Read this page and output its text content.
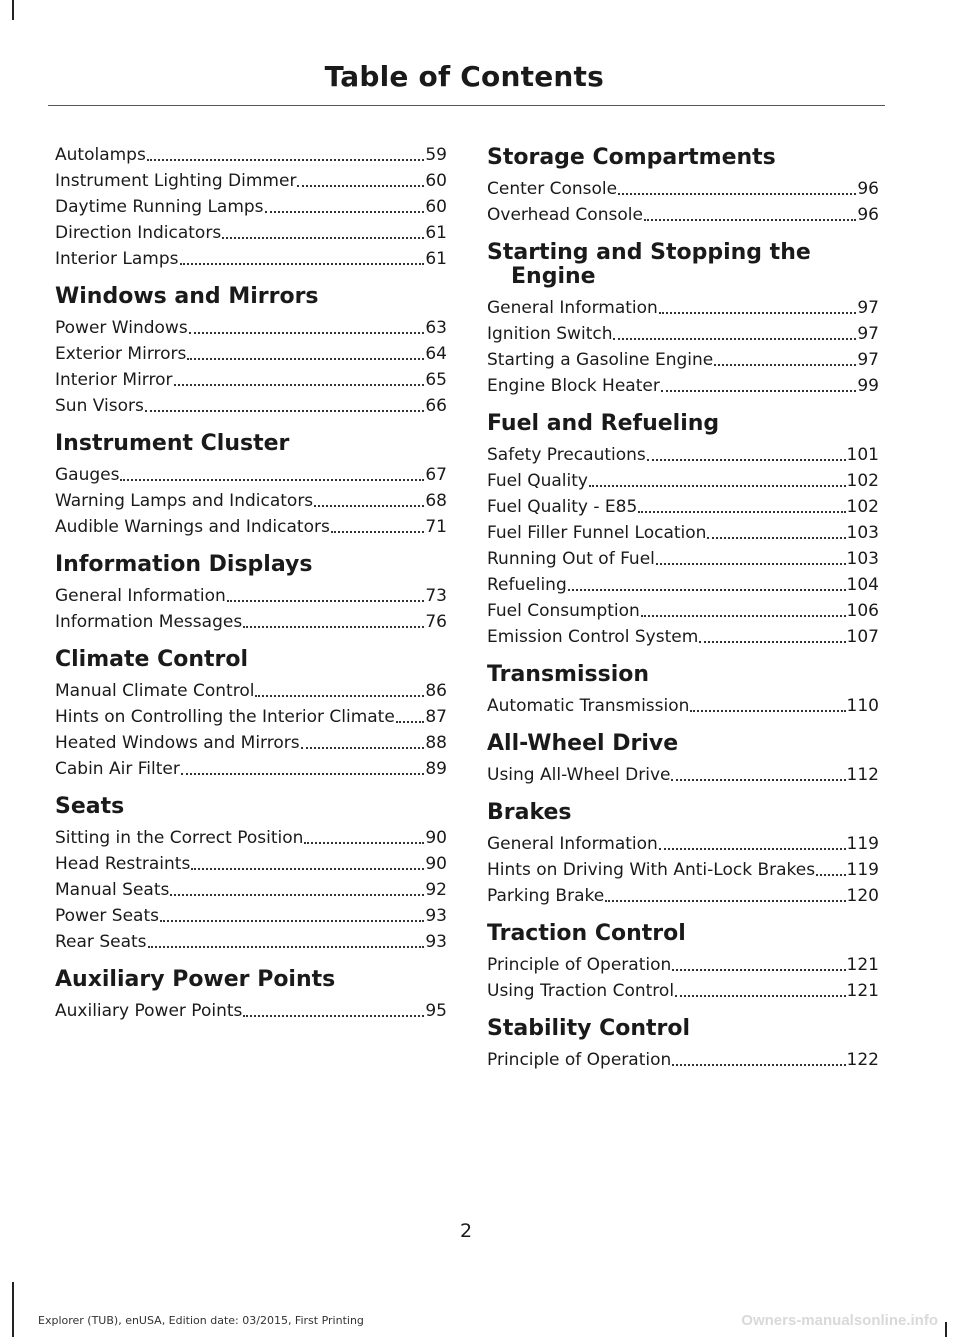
Table of Contents
Autolamps	59
Instrument Lighting Dimmer	60
Daytime Running Lamps	60
Direction Indicators	61
Interior Lamps	61
Windows and Mirrors
Power Windows	63
Exterior Mirrors	64
Interior Mirror	65
Sun Visors	66
Instrument Cluster
Gauges	67
Warning Lamps and Indicators	68
Audible Warnings and Indicators	71
Information Displays
General Information	73
Information Messages	76
Climate Control
Manual Climate Control	86
Hints on Controlling the Interior Climate 87
Heated Windows and Mirrors	88
Cabin Air Filter	89
Seats
Sitting in the Correct Position	90
Head Restraints	90
Manual Seats	92
Power Seats	93
Rear Seats	93
Auxiliary Power Points
Auxiliary Power Points	95
Storage Compartments
Center Console	96
Overhead Console	96
Starting and Stopping the Engine
General Information	97
Ignition Switch	97
Starting a Gasoline Engine	97
Engine Block Heater	99
Fuel and Refueling
Safety Precautions	101
Fuel Quality	102
Fuel Quality - E85	102
Fuel Filler Funnel Location	103
Running Out of Fuel	103
Refueling	104
Fuel Consumption	106
Emission Control System	107
Transmission
Automatic Transmission	110
All-Wheel Drive
Using All-Wheel Drive	112
Brakes
General Information	119
Hints on Driving With Anti-Lock Brakes 119
Parking Brake	120
Traction Control
Principle of Operation	121
Using Traction Control	121
Stability Control
Principle of Operation	122
2
Explorer (TUB), enUSA, Edition date: 03/2015, First Printing	Owners-manualsonline.info
